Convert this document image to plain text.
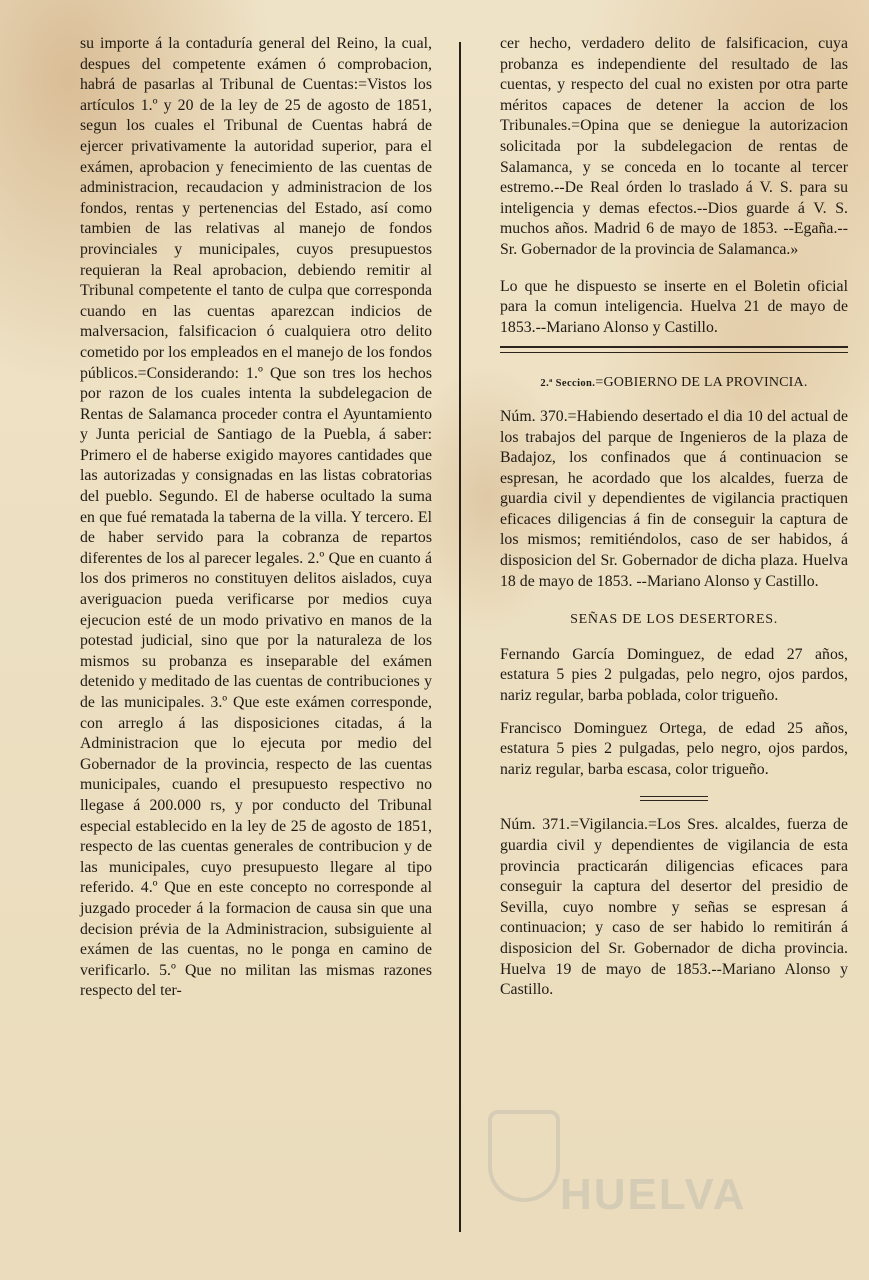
su importe á la contaduría general del Reino, la cual, despues del competente exámen ó comprobacion, habrá de pasarlas al Tribunal de Cuentas:=Vistos los artículos 1.º y 20 de la ley de 25 de agosto de 1851, segun los cuales el Tribunal de Cuentas habrá de ejercer privativamente la autoridad superior, para el exámen, aprobacion y fenecimiento de las cuentas de administracion, recaudacion y administracion de los fondos, rentas y pertenencias del Estado, así como tambien de las relativas al manejo de fondos provinciales y municipales, cuyos presupuestos requieran la Real aprobacion, debiendo remitir al Tribunal competente el tanto de culpa que corresponda cuando en las cuentas aparezcan indicios de malversacion, falsificacion ó cualquiera otro delito cometido por los empleados en el manejo de los fondos públicos.=Considerando: 1.º Que son tres los hechos por razon de los cuales intenta la subdelegacion de Rentas de Salamanca proceder contra el Ayuntamiento y Junta pericial de Santiago de la Puebla, á saber: Primero el de haberse exigido mayores cantidades que las autorizadas y consignadas en las listas cobratorias del pueblo. Segundo. El de haberse ocultado la suma en que fué rematada la taberna de la villa. Y tercero. El de haber servido para la cobranza de repartos diferentes de los al parecer legales. 2.º Que en cuanto á los dos primeros no constituyen delitos aislados, cuya averiguacion pueda verificarse por medios cuya ejecucion esté de un modo privativo en manos de la potestad judicial, sino que por la naturaleza de los mismos su probanza es inseparable del exámen detenido y meditado de las cuentas de contribuciones y de las municipales. 3.º Que este exámen corresponde, con arreglo á las disposiciones citadas, á la Administracion que lo ejecuta por medio del Gobernador de la provincia, respecto de las cuentas municipales, cuando el presupuesto respectivo no llegase á 200.000 rs, y por conducto del Tribunal especial establecido en la ley de 25 de agosto de 1851, respecto de las cuentas generales de contribucion y de las municipales, cuyo presupuesto llegare al tipo referido. 4.º Que en este concepto no corresponde al juzgado proceder á la formacion de causa sin que una decision prévia de la Administracion, subsiguiente al exámen de las cuentas, no le ponga en camino de verificarlo. 5.º Que no militan las mismas razones respecto del ter-

cer hecho, verdadero delito de falsificacion, cuya probanza es independiente del resultado de las cuentas, y respecto del cual no existen por otra parte méritos capaces de detener la accion de los Tribunales.=Opina que se deniegue la autorizacion solicitada por la subdelegacion de rentas de Salamanca, y se conceda en lo tocante al tercer estremo.--De Real órden lo traslado á V. S. para su inteligencia y demas efectos.--Dios guarde á V. S. muchos años. Madrid 6 de mayo de 1853. --Egaña.--Sr. Gobernador de la provincia de Salamanca.»

Lo que he dispuesto se inserte en el Boletin oficial para la comun inteligencia. Huelva 21 de mayo de 1853.--Mariano Alonso y Castillo.

2.ª Seccion.=GOBIERNO DE LA PROVINCIA.

Núm. 370.=Habiendo desertado el dia 10 del actual de los trabajos del parque de Ingenieros de la plaza de Badajoz, los confinados que á continuacion se espresan, he acordado que los alcaldes, fuerza de guardia civil y dependientes de vigilancia practiquen eficaces diligencias á fin de conseguir la captura de los mismos; remitiéndolos, caso de ser habidos, á disposicion del Sr. Gobernador de dicha plaza. Huelva 18 de mayo de 1853. --Mariano Alonso y Castillo.

SEÑAS DE LOS DESERTORES.

Fernando García Dominguez, de edad 27 años, estatura 5 pies 2 pulgadas, pelo negro, ojos pardos, nariz regular, barba poblada, color trigueño.

Francisco Dominguez Ortega, de edad 25 años, estatura 5 pies 2 pulgadas, pelo negro, ojos pardos, nariz regular, barba escasa, color trigueño.

Núm. 371.=Vigilancia.=Los Sres. alcaldes, fuerza de guardia civil y dependientes de vigilancia de esta provincia practicarán diligencias eficaces para conseguir la captura del desertor del presidio de Sevilla, cuyo nombre y señas se espresan á continuacion; y caso de ser habido lo remitirán á disposicion del Sr. Gobernador de dicha provincia. Huelva 19 de mayo de 1853.--Mariano Alonso y Castillo.

HUELVA
